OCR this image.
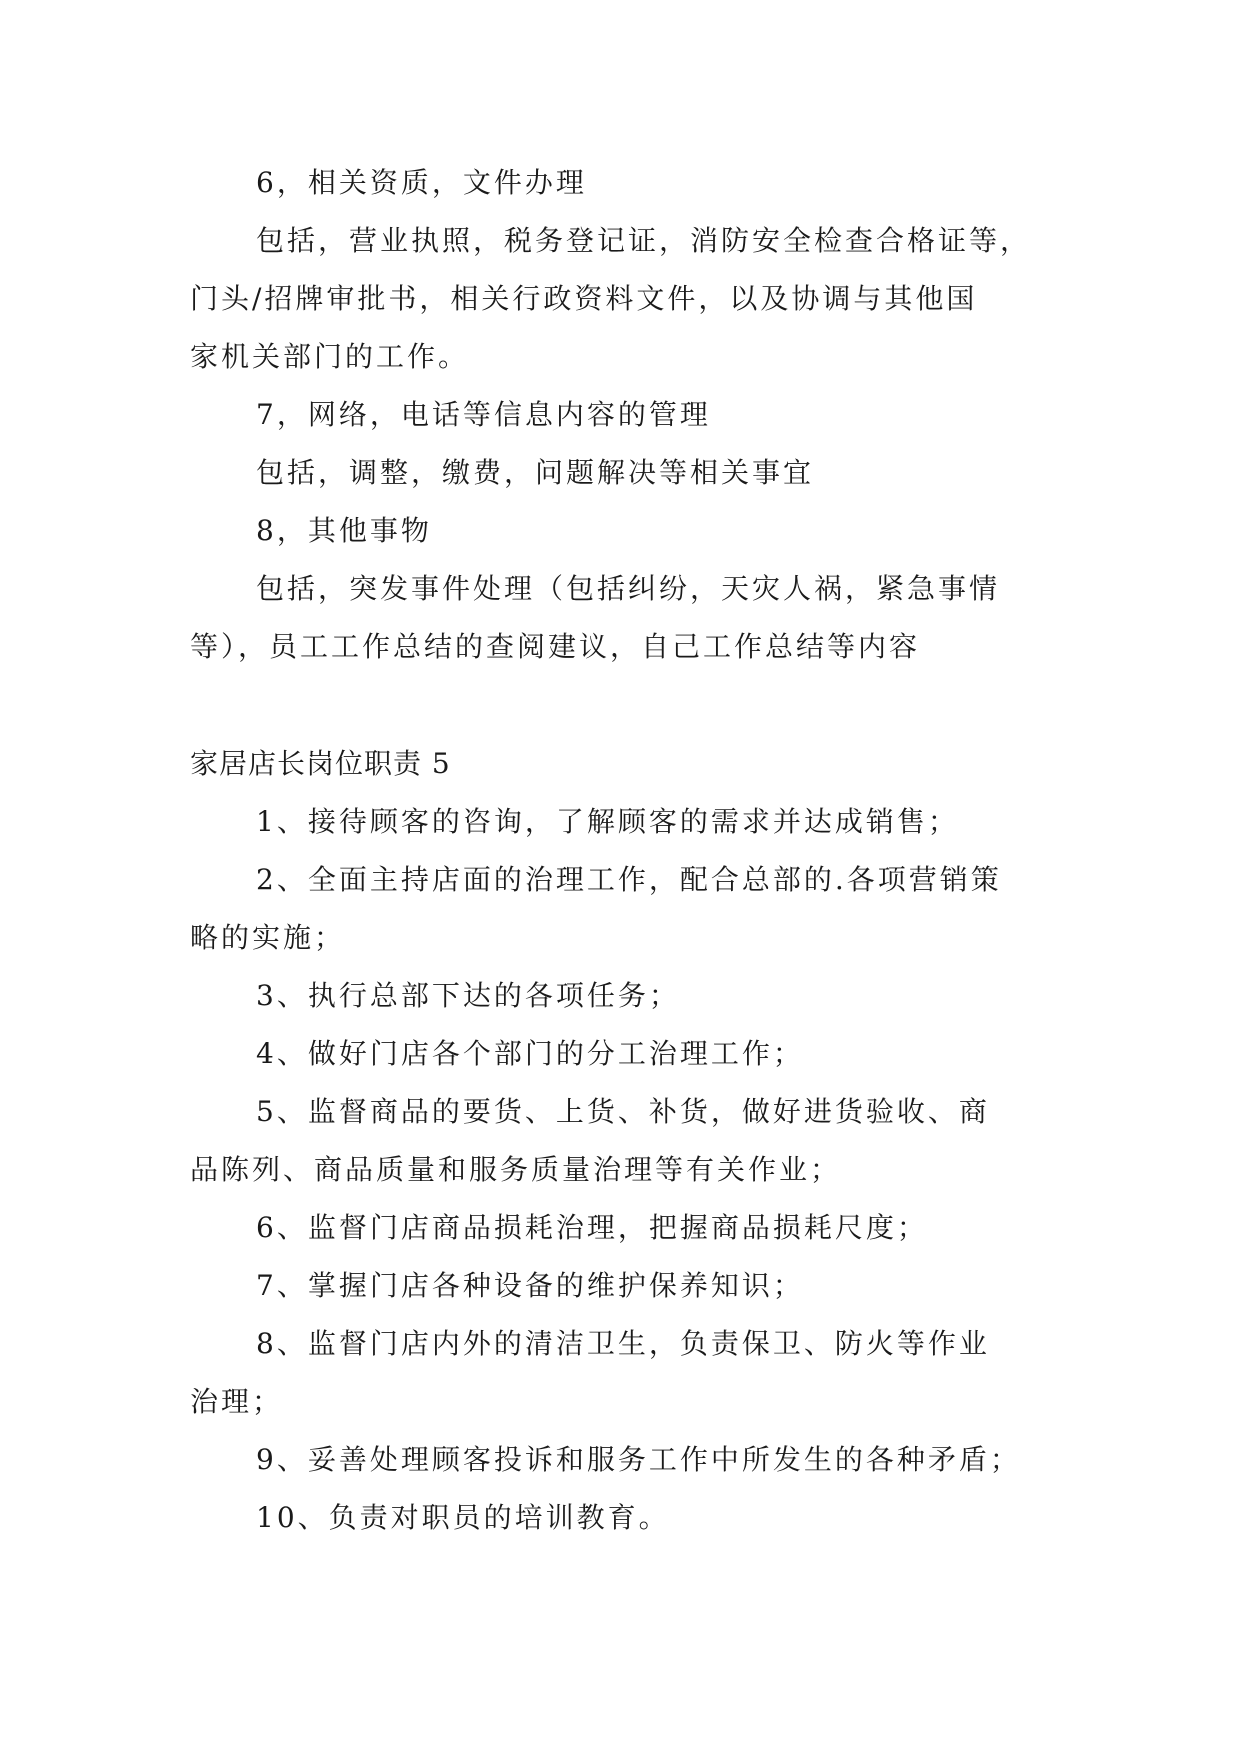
6，相关资质，文件办理
包括，营业执照，税务登记证，消防安全检查合格证等，
门头/招牌审批书，相关行政资料文件，以及协调与其他国
家机关部门的工作。
7，网络，电话等信息内容的管理
包括，调整，缴费，问题解决等相关事宜
8，其他事物
包括，突发事件处理（包括纠纷，天灾人祸，紧急事情
等），员工工作总结的查阅建议，自己工作总结等内容
家居店长岗位职责 5
1、接待顾客的咨询，了解顾客的需求并达成销售；
2、全面主持店面的治理工作，配合总部的.各项营销策
略的实施；
3、执行总部下达的各项任务；
4、做好门店各个部门的分工治理工作；
5、监督商品的要货、上货、补货，做好进货验收、商
品陈列、商品质量和服务质量治理等有关作业；
6、监督门店商品损耗治理，把握商品损耗尺度；
7、掌握门店各种设备的维护保养知识；
8、监督门店内外的清洁卫生，负责保卫、防火等作业
治理；
9、妥善处理顾客投诉和服务工作中所发生的各种矛盾；
10、负责对职员的培训教育。
